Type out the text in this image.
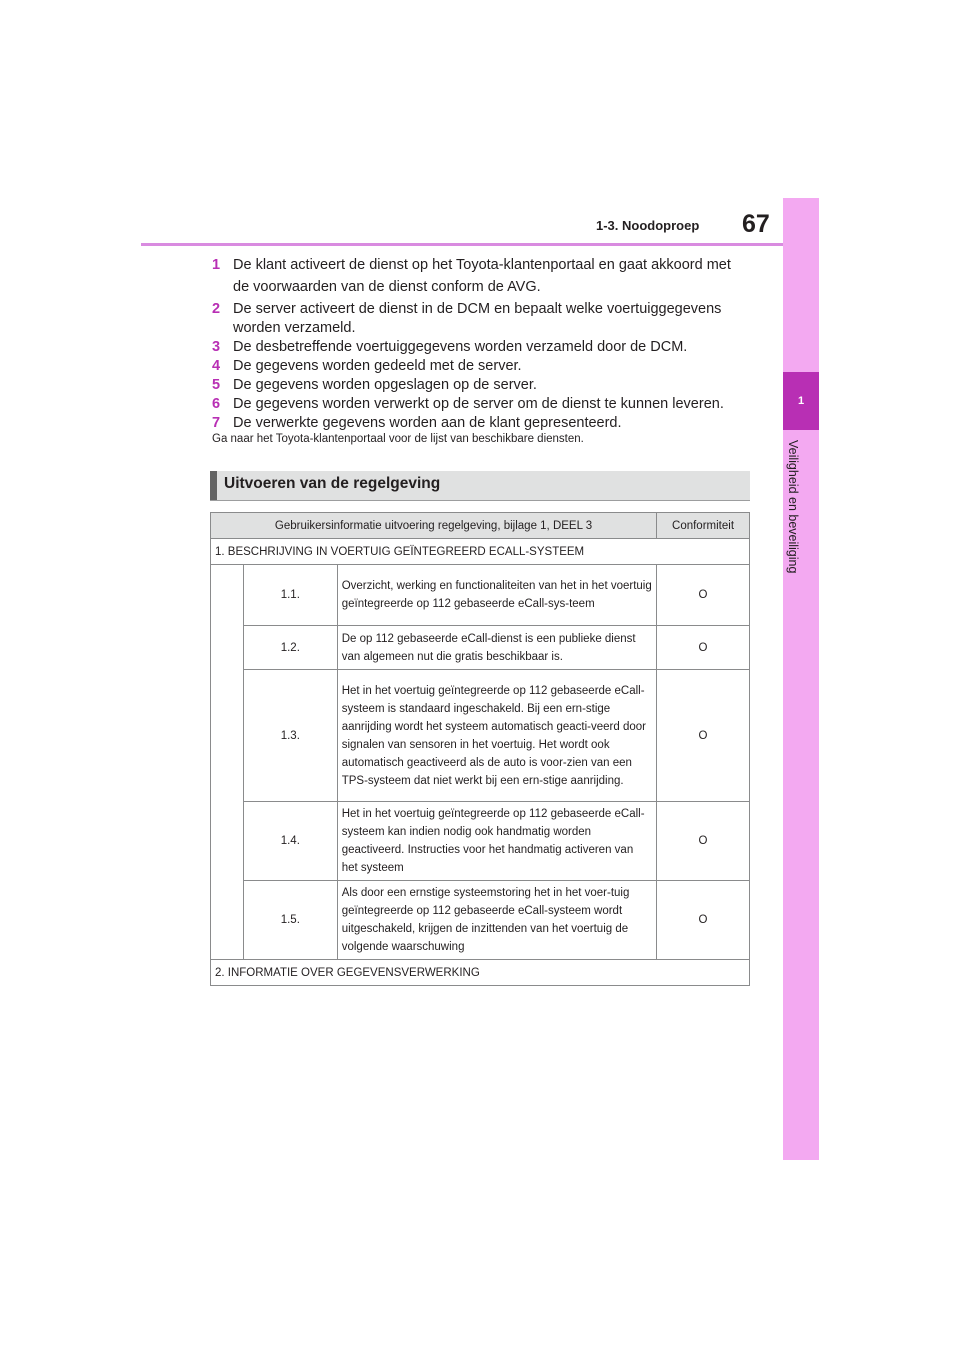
67
1-3. Noodoproep
1
Veiligheid en beveiliging
1 De klant activeert de dienst op het Toyota-klantenportaal en gaat akkoord met de voorwaarden van de dienst conform de AVG.
2 De server activeert de dienst in de DCM en bepaalt welke voertuiggegevens worden verzameld.
3 De desbetreffende voertuiggegevens worden verzameld door de DCM.
4 De gegevens worden gedeeld met de server.
5 De gegevens worden opgeslagen op de server.
6 De gegevens worden verwerkt op de server om de dienst te kunnen leveren.
7 De verwerkte gegevens worden aan de klant gepresenteerd.
Ga naar het Toyota-klantenportaal voor de lijst van beschikbare diensten.
Uitvoeren van de regelgeving
Gebruikersinformatie uitvoering regelgeving, bijlage 1, DEEL 3			Conformiteit
1. BESCHRIJVING IN VOERTUIG GEÏNTEGREERD ECALL-SYSTEEM			
	1.1.	Overzicht, werking en functionaliteiten van het in het voertuig geïntegreerde op 112 gebaseerde eCall-sys-teem	O
	1.2.	De op 112 gebaseerde eCall-dienst is een publieke dienst van algemeen nut die gratis beschikbaar is.	O
	1.3.	Het in het voertuig geïntegreerde op 112 gebaseerde eCall-systeem is standaard ingeschakeld. Bij een ern-stige aanrijding wordt het systeem automatisch geacti-veerd door signalen van sensoren in het voertuig. Het wordt ook automatisch geactiveerd als de auto is voor-zien van een TPS-systeem dat niet werkt bij een ern-stige aanrijding.	O
	1.4.	Het in het voertuig geïntegreerde op 112 gebaseerde eCall-systeem kan indien nodig ook handmatig worden geactiveerd. Instructies voor het handmatig activeren van het systeem	O
	1.5.	Als door een ernstige systeemstoring het in het voer-tuig geïntegreerde op 112 gebaseerde eCall-systeem wordt uitgeschakeld, krijgen de inzittenden van het voertuig de volgende waarschuwing	O
2. INFORMATIE OVER GEGEVENSVERWERKING			
